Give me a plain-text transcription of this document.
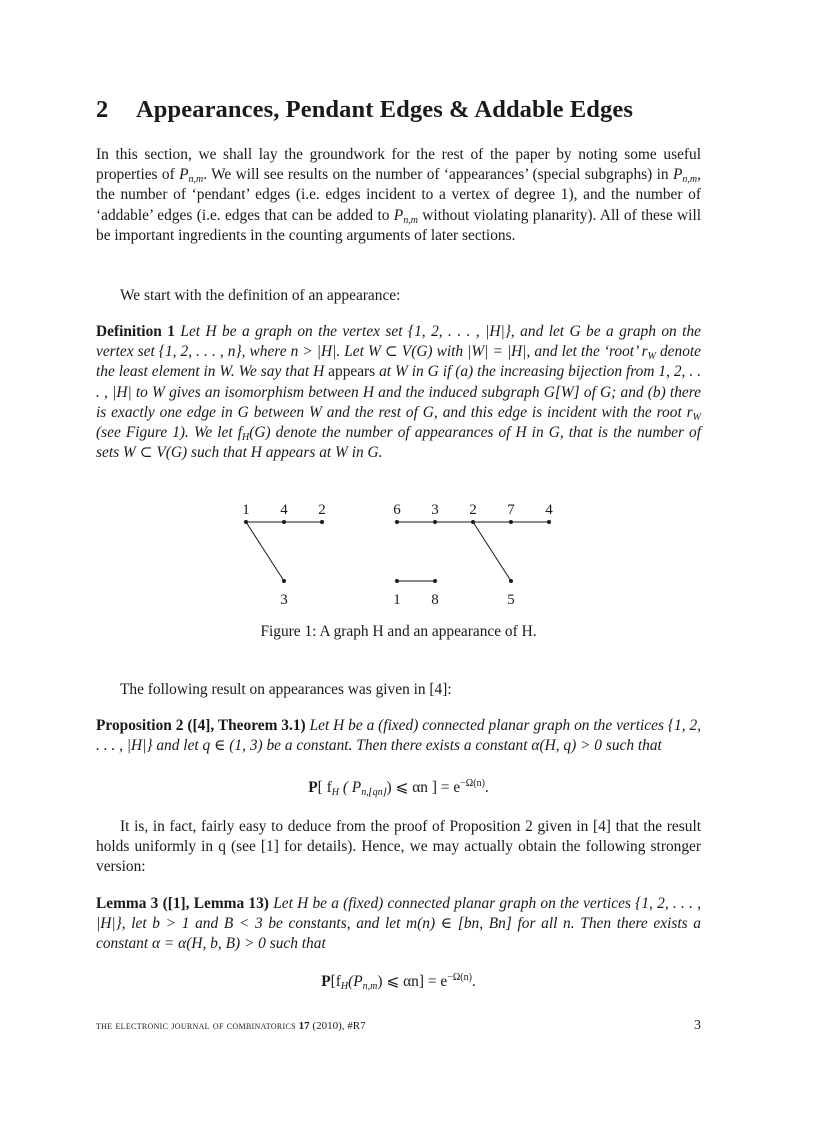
2 Appearances, Pendant Edges & Addable Edges
In this section, we shall lay the groundwork for the rest of the paper by noting some useful properties of $P_{n,m}$. We will see results on the number of ‘appearances’ (special subgraphs) in $P_{n,m}$, the number of ‘pendant’ edges (i.e. edges incident to a vertex of degree 1), and the number of ‘addable’ edges (i.e. edges that can be added to $P_{n,m}$ without violating planarity). All of these will be important ingredients in the counting arguments of later sections.
We start with the definition of an appearance:
Definition 1 Let H be a graph on the vertex set {1, 2, . . . , |H|}, and let G be a graph on the vertex set {1, 2, . . . , n}, where n > |H|. Let W ⊂ V(G) with |W| = |H|, and let the ‘root’ $r_W$ denote the least element in W. We say that H appears at W in G if (a) the increasing bijection from 1, 2, . . . , |H| to W gives an isomorphism between H and the induced subgraph G[W] of G; and (b) there is exactly one edge in G between W and the rest of G, and this edge is incident with the root $r_W$ (see Figure 1). We let $f_H(G)$ denote the number of appearances of H in G, that is the number of sets W ⊂ V(G) such that H appears at W in G.
1 4 2
3
6 3 2 7 4
1 8	5
Figure 1: A graph H and an appearance of H.
The following result on appearances was given in [4]:
Proposition 2 ([4], Theorem 3.1) Let H be a (fixed) connected planar graph on the vertices {1, 2, . . . , |H|} and let q ∈ (1, 3) be a constant. Then there exists a constant α(H, q) > 0 such that
P[ $f_H$ ( $P_{n,⌊qn⌋}$) ⩽ αn ] = $e^{-\Omega(n)}$.
It is, in fact, fairly easy to deduce from the proof of Proposition 2 given in [4] that the result holds uniformly in q (see [1] for details). Hence, we may actually obtain the following stronger version:
Lemma 3 ([1], Lemma 13) Let H be a (fixed) connected planar graph on the vertices {1, 2, . . . , |H|}, let b > 1 and B < 3 be constants, and let m(n) ∈ [bn, Bn] for all n. Then there exists a constant α = α(H, b, B) > 0 such that
$P[f_H(P_{n,m})$ ⩽ $\alpha n] = e^{-\Omega(n)}$.
the electronic journal of combinatorics 17 (2010), #R7	3
